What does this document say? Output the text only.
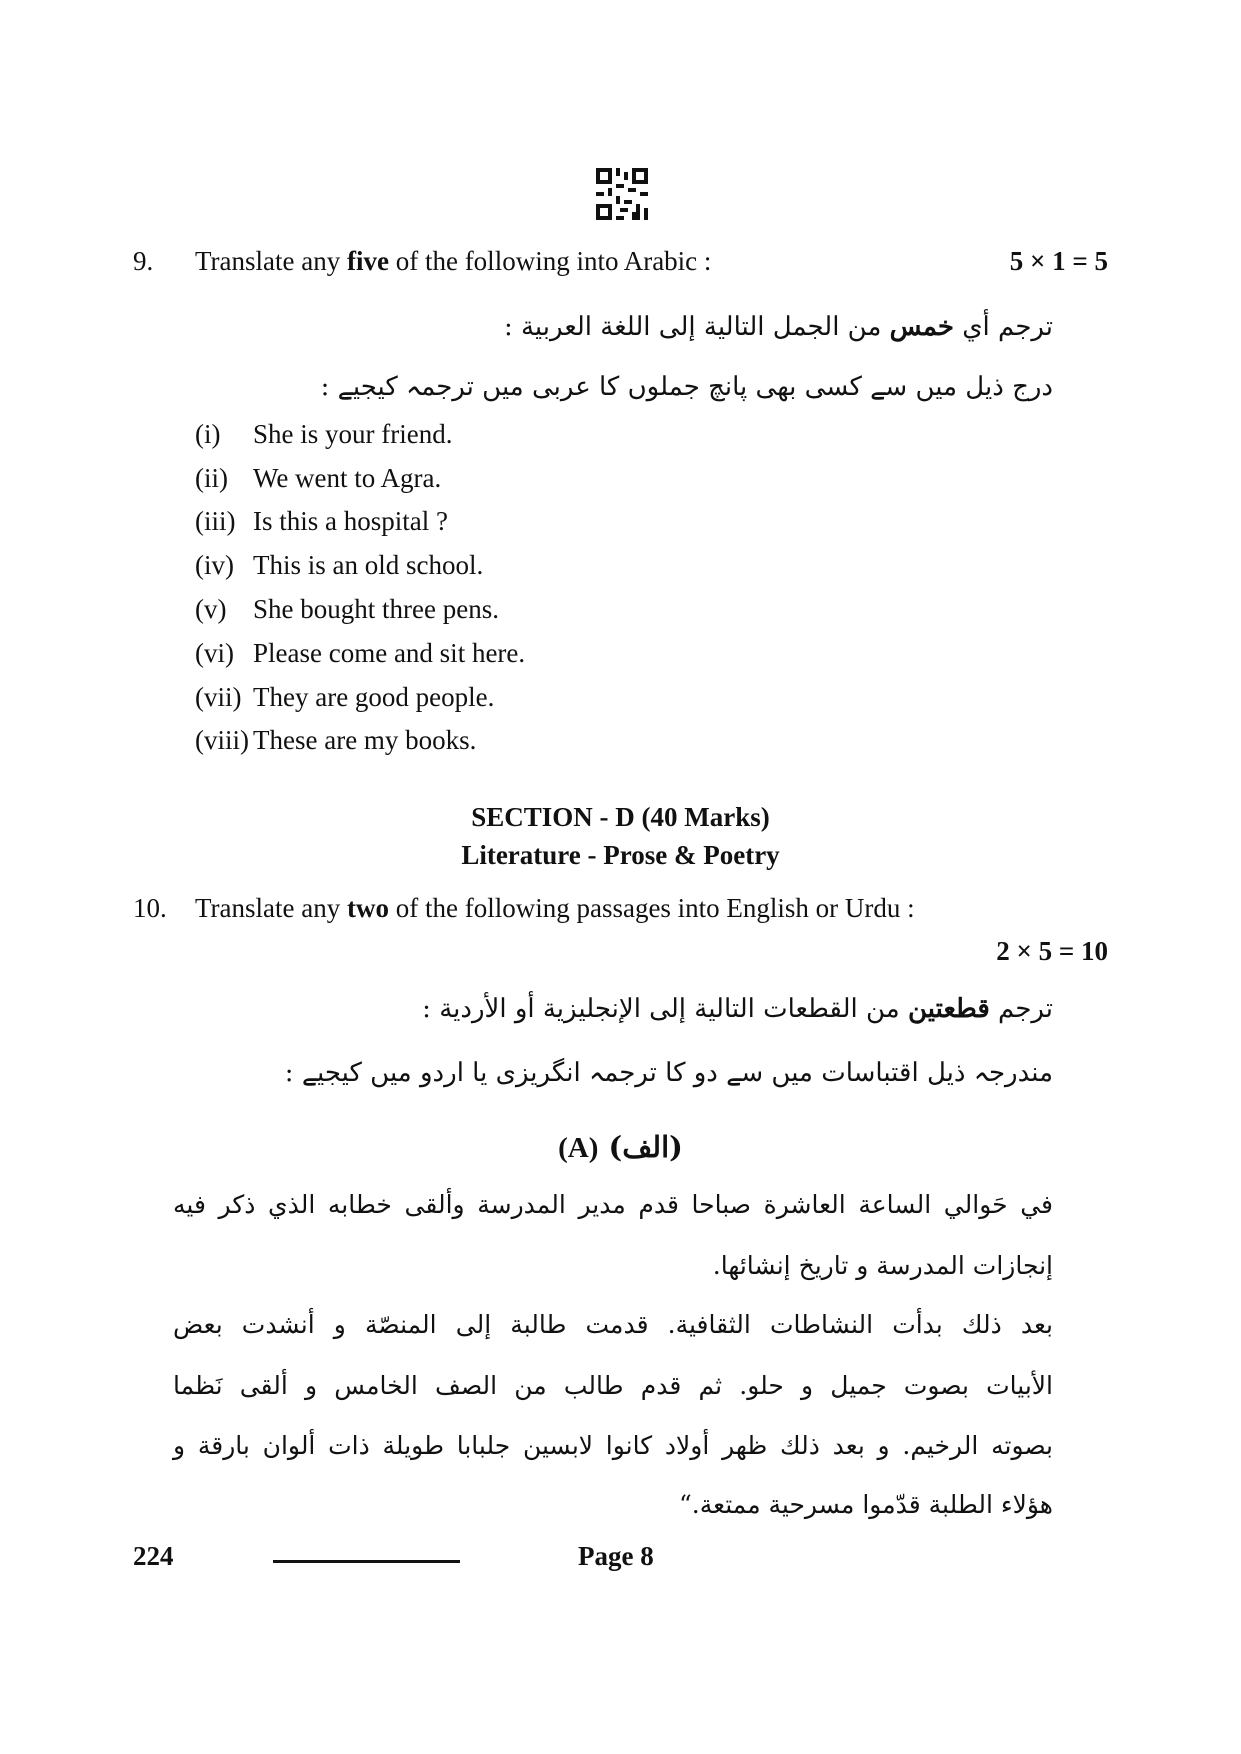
9. Translate any five of the following into Arabic :	5 × 1 = 5
ترجم أي خمس من الجمل التالية إلى اللغة العربية :
درج ذیل میں سے کسی بھی پانچ جملوں کا عربی میں ترجمہ کیجیے :
(i)	She is your friend.
(ii) We went to Agra.
(iii) Is this a hospital ?
(iv) This is an old school.
(v) She bought three pens.
(vi) Please come and sit here.
(vii) They are good people.
(viii) These are my books.
SECTION - D (40 Marks)
Literature - Prose & Poetry
10. Translate any two of the following passages into English or Urdu :
2 × 5 = 10
ترجم قطعتين من القطعات التالية إلى الإنجليزية أو الأردية :
مندرجہ ذیل اقتباسات میں سے دو کا ترجمہ انگریزی یا اردو میں کیجیے :
(A) (الف)
في حَوالي الساعة العاشرة صباحا قدم مدير المدرسة وألقى خطابه الذي ذكر فيه
إنجازات المدرسة و تاريخ إنشائها.
بعد ذلك بدأت النشاطات الثقافية. قدمت طالبة إلى المنصّة و أنشدت بعض
الأبيات بصوت جميل و حلو. ثم قدم طالب من الصف الخامس و ألقى نَظما
بصوته الرخيم. و بعد ذلك ظهر أولاد كانوا لابسين جلبابا طويلة ذات ألوان بارقة و
هؤلاء الطلبة قدّموا مسرحية ممتعة.“
224	Page 8
